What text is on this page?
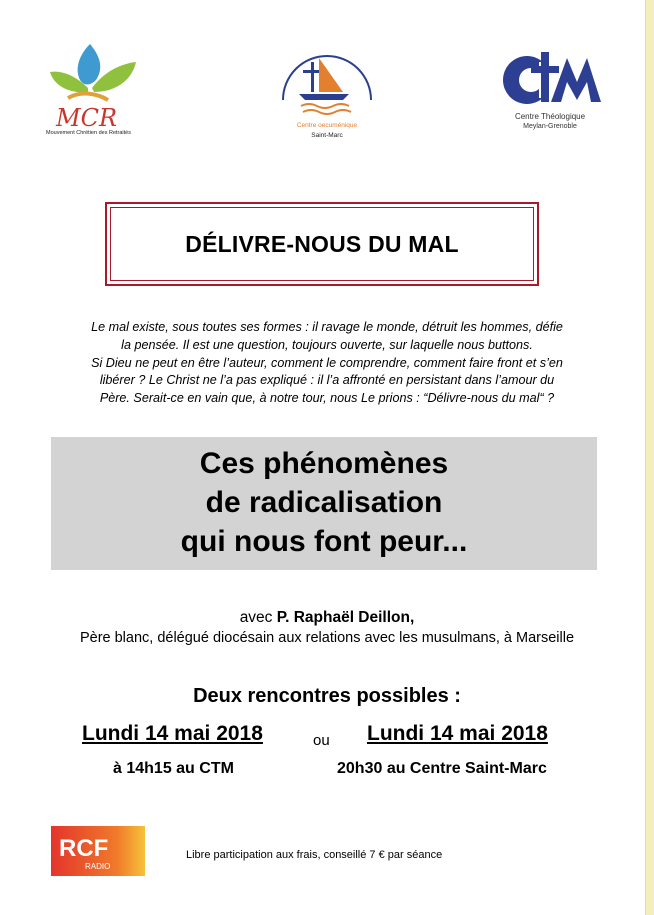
MCR
Mouvement Chrétien des Retraités
Centre oecuménique
Saint-Marc
Centre Théologique
Meylan-Grenoble
DÉLIVRE-NOUS DU MAL
Le mal existe, sous toutes ses formes : il ravage le monde, détruit les hommes, défie
la pensée. Il est une question, toujours ouverte, sur laquelle nous buttons.
Si Dieu ne peut en être l’auteur, comment le comprendre, comment faire front et s’en
libérer ? Le Christ ne l’a pas expliqué : il l’a affronté en persistant dans l’amour du
Père. Serait-ce en vain que, à notre tour, nous Le prions : “Délivre-nous du mal“ ?
Ces phénomènes
de radicalisation
qui nous font peur...
avec P. Raphaël Deillon,
Père blanc, délégué diocésain aux relations avec les musulmans, à Marseille
Deux rencontres possibles :
Lundi 14 mai 2018	ou Lundi 14 mai 2018
à 14h15 au CTM	20h30 au Centre Saint-Marc
RCF
RADIO
Libre participation aux frais, conseillé 7 € par séance
